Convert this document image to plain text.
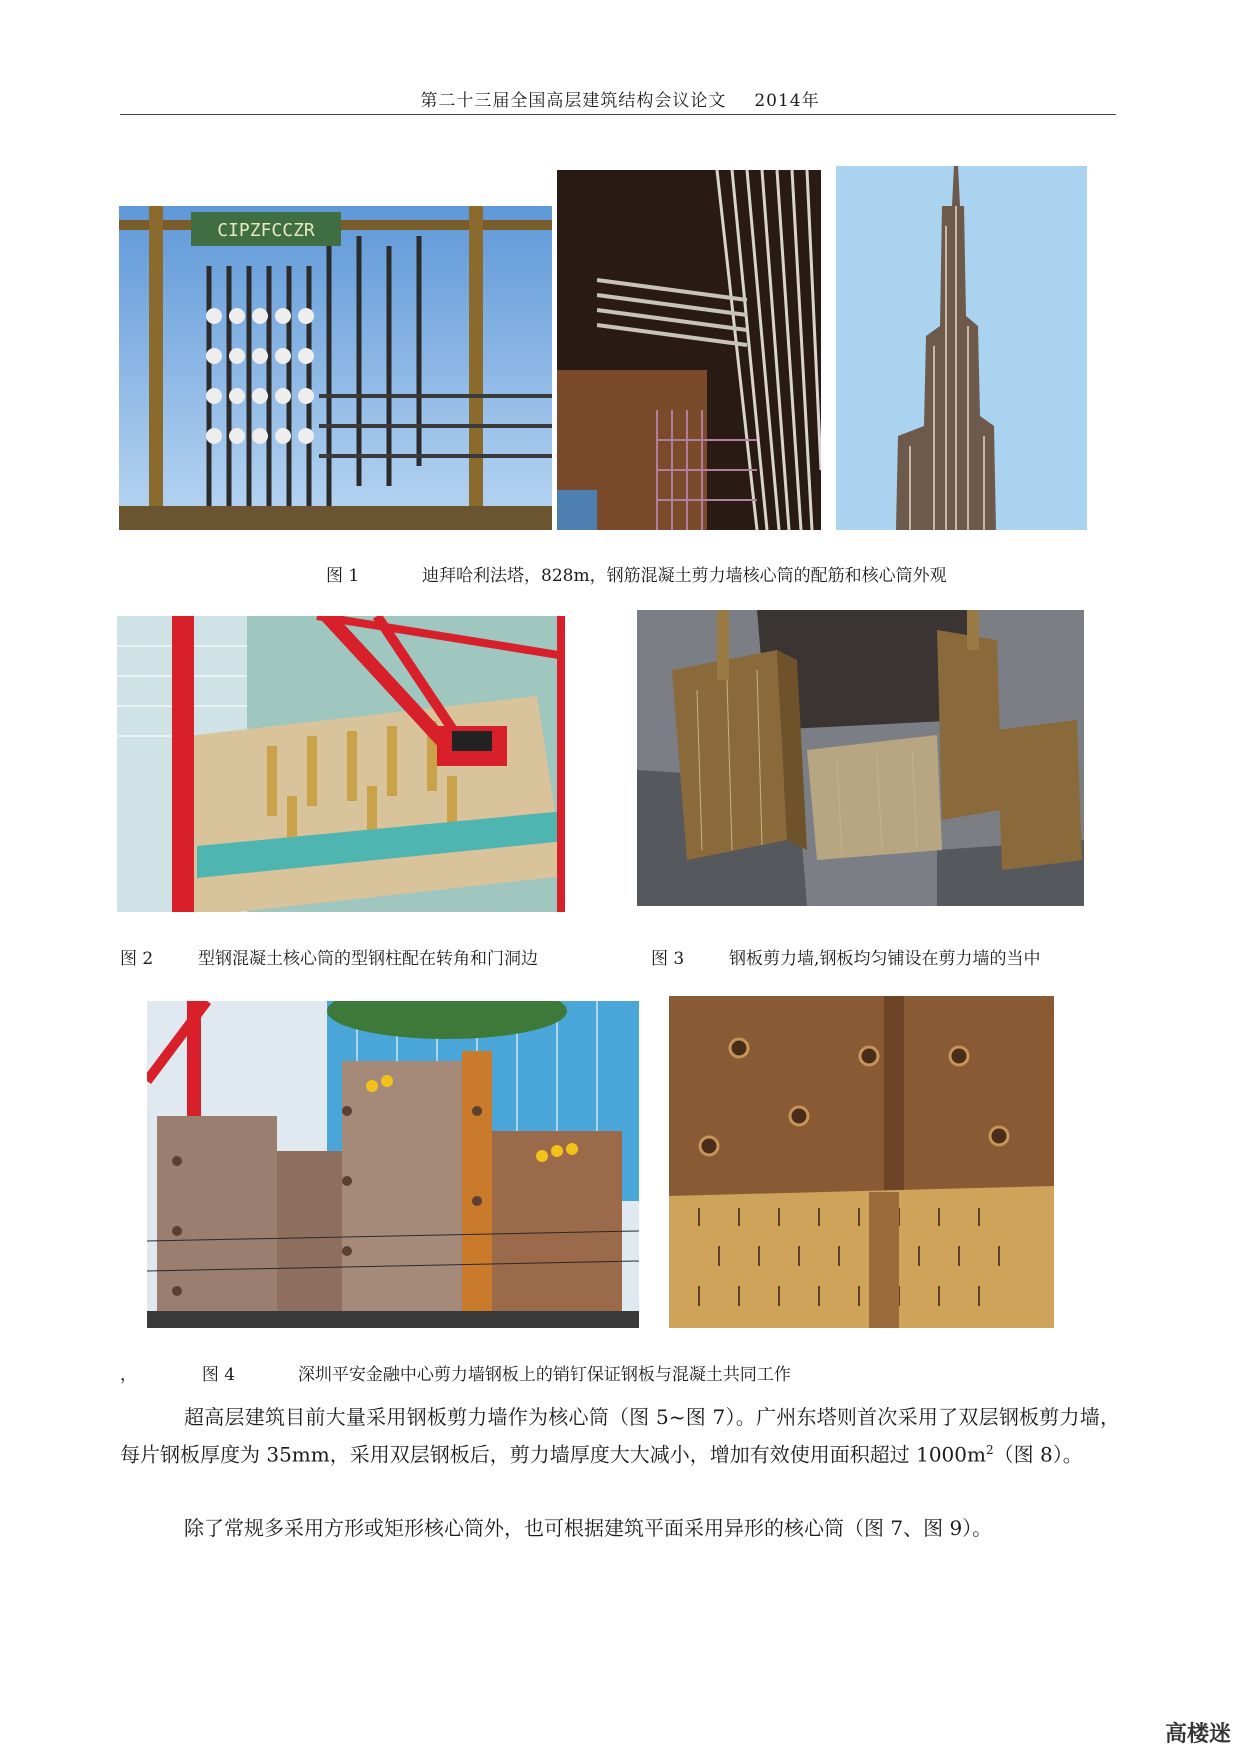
第二十三届全国高层建筑结构会议论文 2014年
CIPZFCCZR
图 1	迪拜哈利法塔，828m，钢筋混凝土剪力墙核心筒的配筋和核心筒外观
图 2	型钢混凝土核心筒的型钢柱配在转角和门洞边	图 3	钢板剪力墙,钢板均匀铺设在剪力墙的当中
，	图 4	深圳平安金融中心剪力墙钢板上的销钉保证钢板与混凝土共同工作
超高层建筑目前大量采用钢板剪力墙作为核心筒（图 5~图 7）。广州东塔则首次采用了双层钢板剪力墙，每片钢板厚度为 35mm，采用双层钢板后，剪力墙厚度大大减小，增加有效使用面积超过 $1000m^2$（图 8）。
除了常规多采用方形或矩形核心筒外，也可根据建筑平面采用异形的核心筒（图 7、图 9）。
高楼迷
